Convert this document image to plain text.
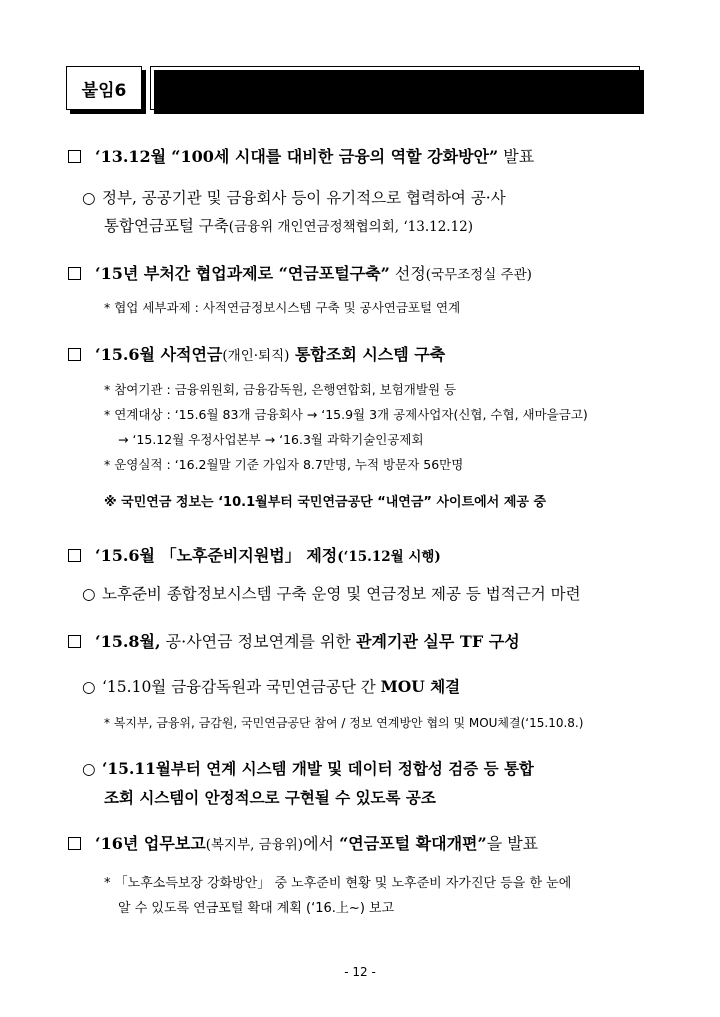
붙임6 공·사 연금포털 통합연계 서비스 추진경과
‘13.12월 “100세 시대를 대비한 금융의 역할 강화방안” 발표
○ 정부, 공공기관 및 금융회사 등이 유기적으로 협력하여 공·사
통합연금포털 구축(금융위 개인연금정책협의회, ‘13.12.12)
‘15년 부처간 협업과제로 “연금포털구축” 선정(국무조정실 주관)
* 협업 세부과제 : 사적연금정보시스템 구축 및 공사연금포털 연계
‘15.6월 사적연금(개인·퇴직) 통합조회 시스템 구축
* 참여기관 : 금융위원회, 금융감독원, 은행연합회, 보험개발원 등
* 연계대상 : ‘15.6월 83개 금융회사 → ‘15.9월 3개 공제사업자(신협, 수협, 새마을금고)
→ ‘15.12월 우정사업본부 → ‘16.3월 과학기술인공제회
* 운영실적 : ‘16.2월말 기준 가입자 8.7만명, 누적 방문자 56만명
※ 국민연금 정보는 ‘10.1월부터 국민연금공단 “내연금” 사이트에서 제공 중
‘15.6월 「노후준비지원법」 제정(‘15.12월 시행)
○ 노후준비 종합정보시스템 구축 운영 및 연금정보 제공 등 법적근거 마련
‘15.8월, 공·사연금 정보연계를 위한 관계기관 실무 TF 구성
○ ‘15.10월 금융감독원과 국민연금공단 간 MOU 체결
* 복지부, 금융위, 금감원, 국민연금공단 참여 / 정보 연계방안 협의 및 MOU체결(‘15.10.8.)
○ ‘15.11월부터 연계 시스템 개발 및 데이터 정합성 검증 등 통합
조회 시스템이 안정적으로 구현될 수 있도록 공조
‘16년 업무보고(복지부, 금융위)에서 “연금포털 확대개편”을 발표
* 「노후소득보장 강화방안」 중 노후준비 현황 및 노후준비 자가진단 등을 한 눈에
알 수 있도록 연금포털 확대 계획 (‘16.上~) 보고
- 12 -
